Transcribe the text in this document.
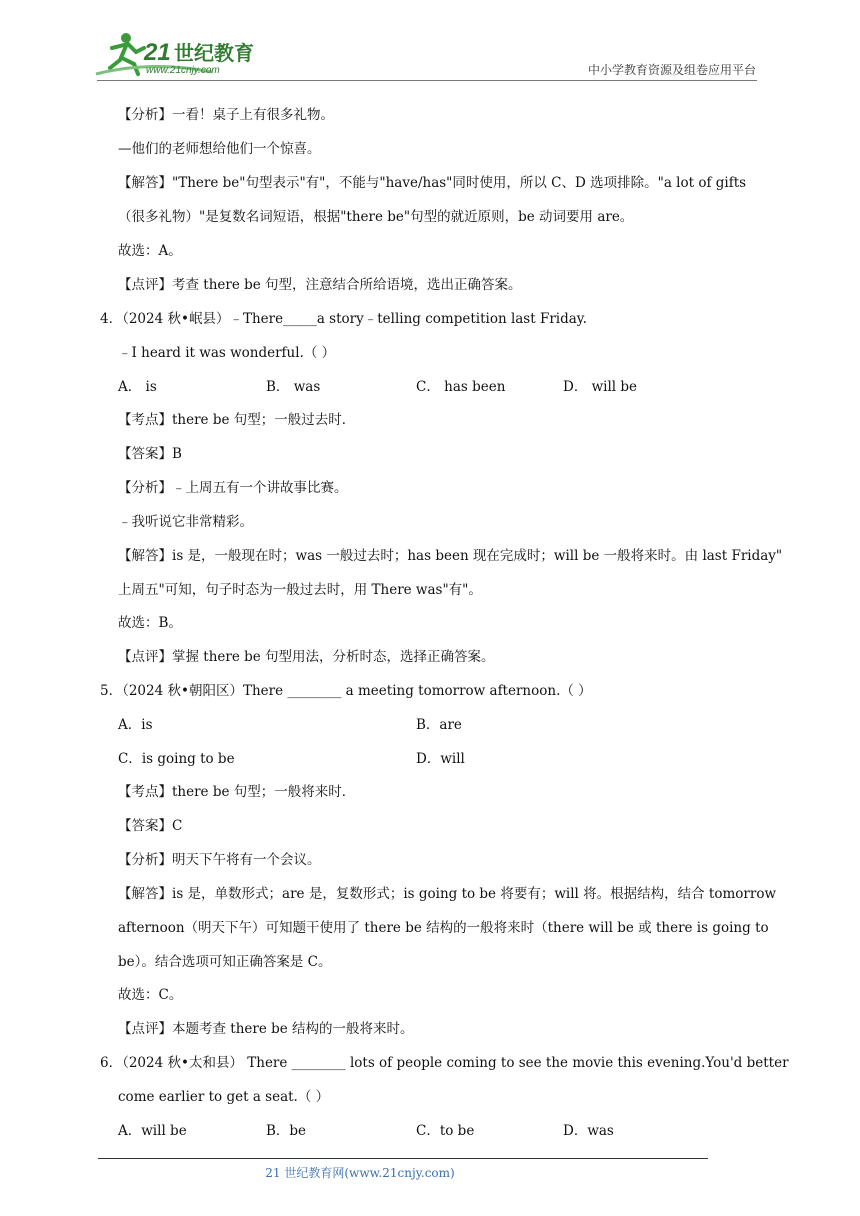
21 世纪教育
www.21cnjy.com	中小学教育资源及组卷应用平台
【分析】一看！桌子上有很多礼物。
—他们的老师想给他们一个惊喜。
【解答】"There be"句型表示"有"，不能与"have/has"同时使用，所以 C、D 选项排除。"a lot of gifts
（很多礼物）"是复数名词短语，根据"there be"句型的就近原则，be 动词要用 are。
故选：A。
【点评】考查 there be 句型，注意结合所给语境，选出正确答案。
4．（2024 秋•岷县）﹣There_____a story﹣telling competition last Friday.
﹣I heard it was wonderful.（ ）
【考点】there be 句型；一般过去时．
【答案】B
【分析】﹣上周五有一个讲故事比赛。
﹣我听说它非常精彩。
【解答】is 是，一般现在时；was 一般过去时；has been 现在完成时；will be 一般将来时。由 last Friday"
上周五"可知，句子时态为一般过去时，用 There was"有"。
故选：B。
【点评】掌握 there be 句型用法，分析时态，选择正确答案。
5．（2024 秋•朝阳区）There ________ a meeting tomorrow afternoon.（ ）
【考点】there be 句型；一般将来时．
【答案】C
【分析】明天下午将有一个会议。
【解答】is 是，单数形式；are 是，复数形式；is going to be 将要有；will 将。根据结构，结合 tomorrow
afternoon（明天下午）可知题干使用了 there be 结构的一般将来时（there will be 或 there is going to
be）。结合选项可知正确答案是 C。
故选：C。
【点评】本题考查 there be 结构的一般将来时。
6．（2024 秋•太和县） There ________ lots of people coming to see the movie this evening.You'd better
come earlier to get a seat.（ ）
A． is	B． was	C． has been	D． will be
A．is	B．are
C．is going to be	D．will
A．will be	B．be	C．to be	D．was
21 世纪教育网(www.21cnjy.com)
